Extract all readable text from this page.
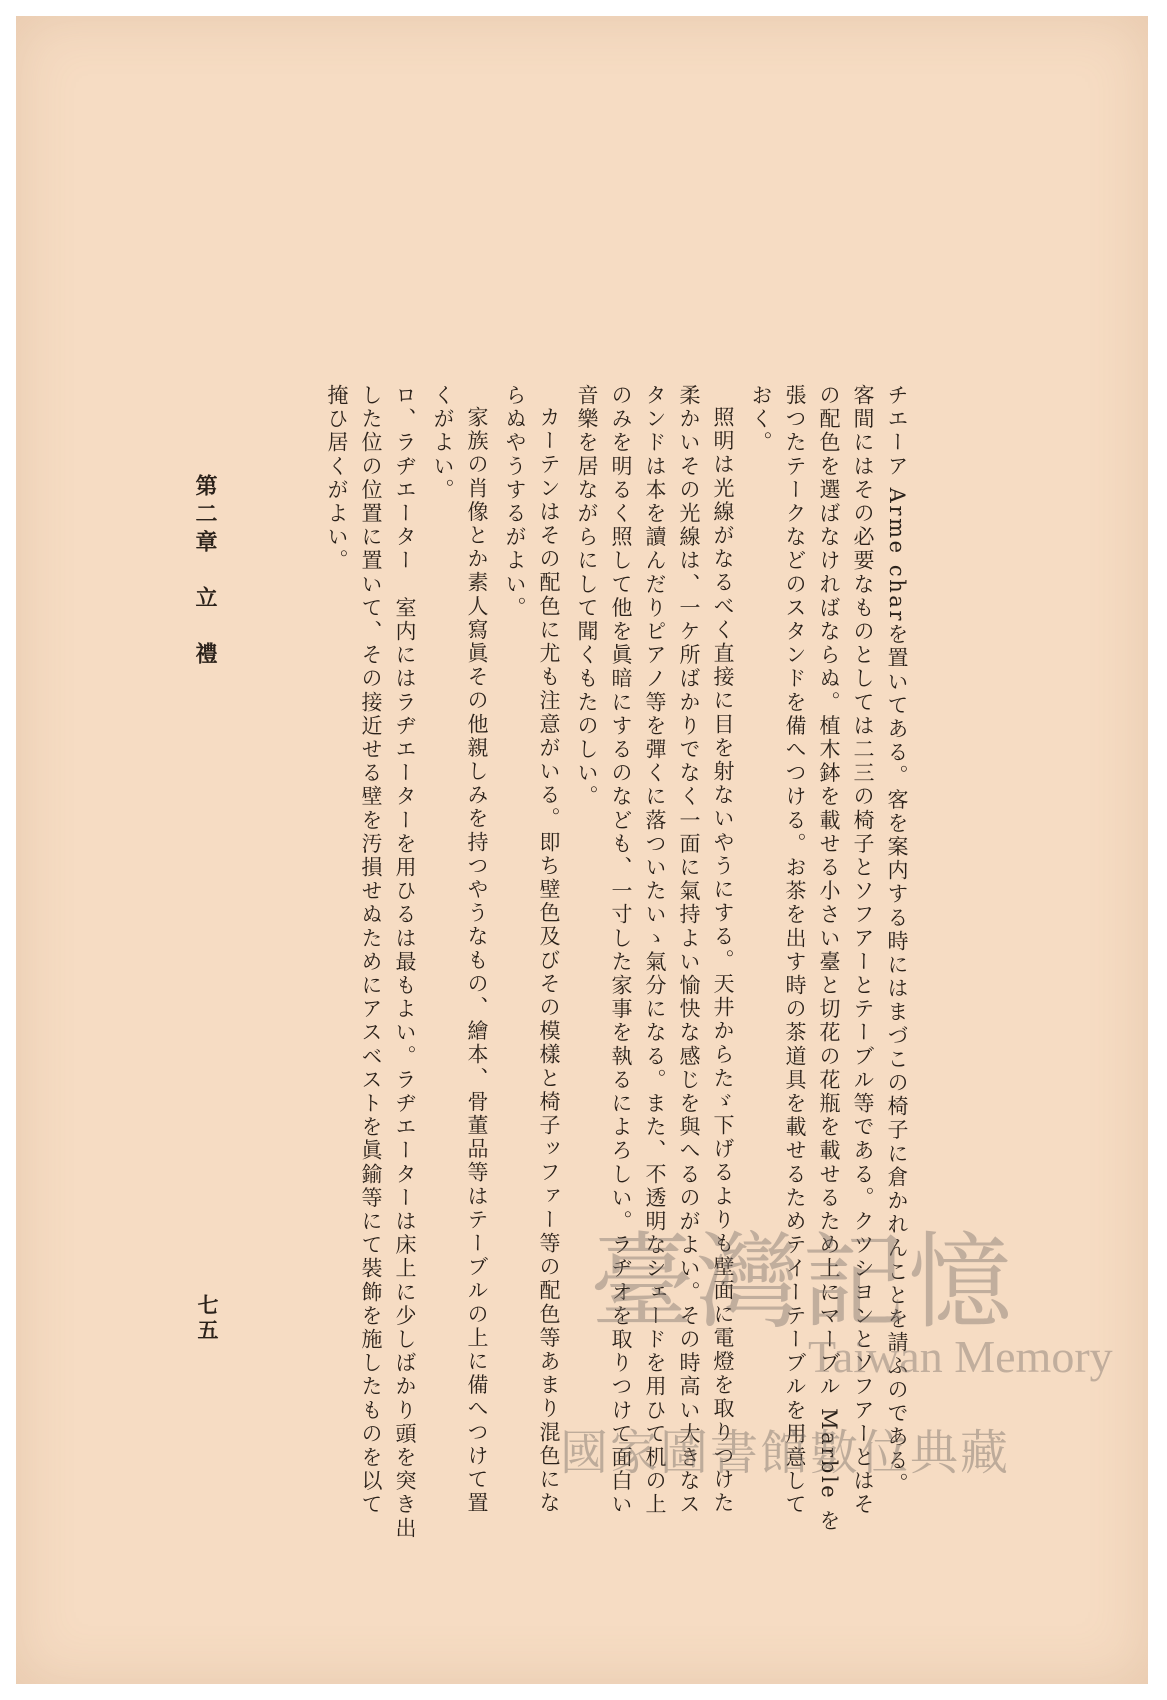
チエーア Arme charを置いてある。客を案内する時にはまづこの椅子に倉かれんことを請ふのである。
客間にはその必要なものとしては二三の椅子とソフアーとテーブル等である。クツシヨンとソフアーとはそ
の配色を選ばなければならぬ。植木鉢を載せる小さい臺と切花の花瓶を載せるため上にマーブル Marble を
張つたテークなどのスタンドを備へつける。お茶を出す時の茶道具を載せるためテイーテーブルを用意して
おく。
照明は光線がなるべく直接に目を射ないやうにする。天井からたゞ下げるよりも壁面に電燈を取りつけた
柔かいその光線は、一ケ所ばかりでなく一面に氣持よい愉快な感じを與へるのがよい。その時高い大きなス
タンドは本を讀んだりピアノ等を彈くに落ついたいゝ氣分になる。また、不透明なシェードを用ひて机の上
のみを明るく照して他を眞暗にするのなども、一寸した家事を執るによろしい。ラヂオを取りつけて面白い
音樂を居ながらにして聞くもたのしい。
カーテンはその配色に尤も注意がいる。即ち壁色及びその模樣と椅子ッファー等の配色等あまり混色にな
らぬやうするがよい。
家族の肖像とか素人寫眞その他親しみを持つやうなもの、繪本、骨董品等はテーブルの上に備へつけて置
くがよい。
ロ、ラヂエーター　室内にはラヂエーターを用ひるは最もよい。ラヂエーターは床上に少しばかり頭を突き出
した位の位置に置いて、その接近せる壁を汚損せぬためにアスベストを眞鍮等にて裝飾を施したものを以て
掩ひ居くがよい。
第二章　立　禮
七五	臺灣記憶
Taiwan Memory
國家圖書館數位典藏
